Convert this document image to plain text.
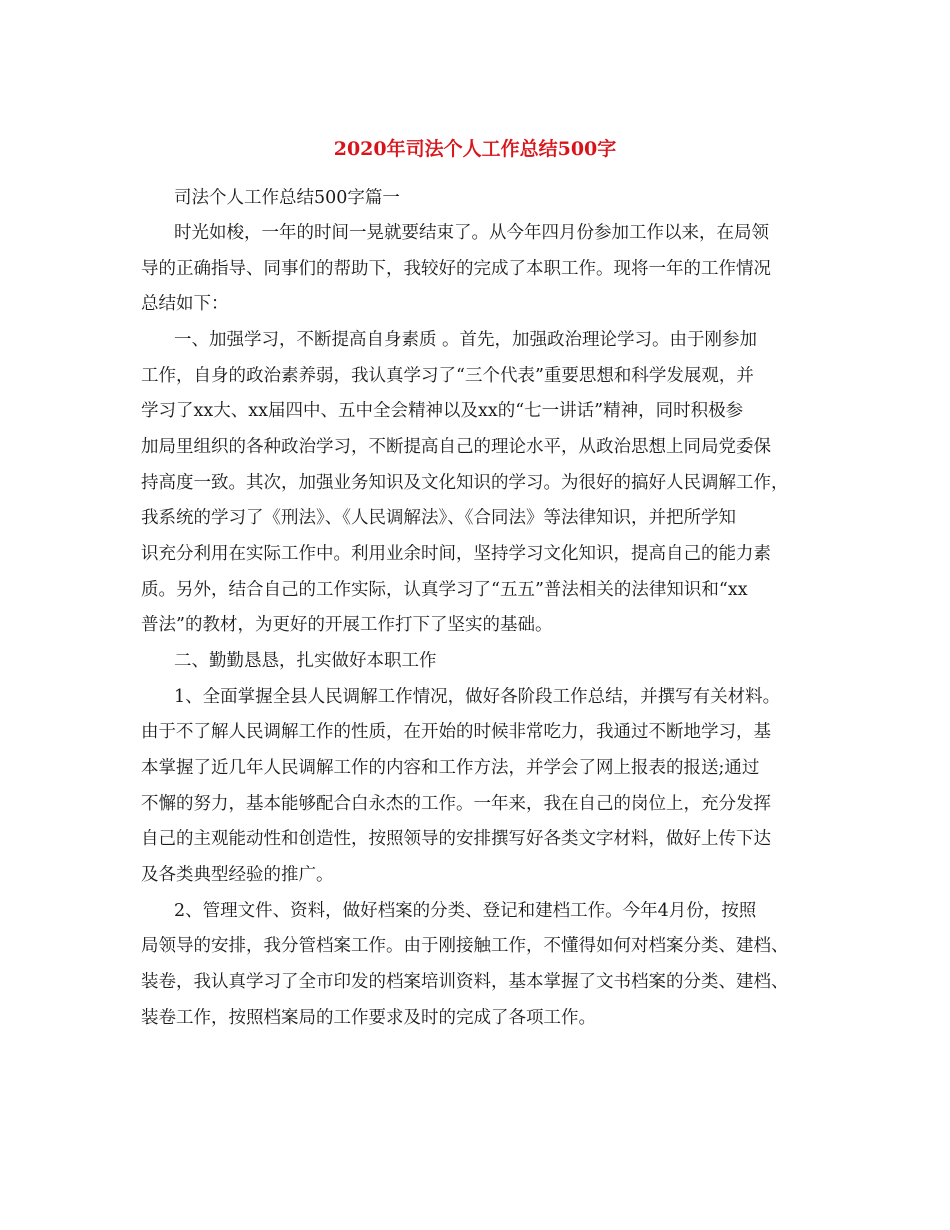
2020年司法个人工作总结500字
司法个人工作总结500字篇一
时光如梭，一年的时间一晃就要结束了。从今年四月份参加工作以来，在局领
导的正确指导、同事们的帮助下，我较好的完成了本职工作。现将一年的工作情况
总结如下：
一、加强学习，不断提高自身素质 。首先，加强政治理论学习。由于刚参加
工作，自身的政治素养弱，我认真学习了“三个代表”重要思想和科学发展观，并
学习了xx大、xx届四中、五中全会精神以及xx的“七一讲话”精神，同时积极参
加局里组织的各种政治学习，不断提高自己的理论水平，从政治思想上同局党委保
持高度一致。其次，加强业务知识及文化知识的学习。为很好的搞好人民调解工作，
我系统的学习了《刑法》、《人民调解法》、《合同法》等法律知识，并把所学知
识充分利用在实际工作中。利用业余时间，坚持学习文化知识，提高自己的能力素
质。另外，结合自己的工作实际，认真学习了“五五”普法相关的法律知识和“xx
普法”的教材，为更好的开展工作打下了坚实的基础。
二、勤勤恳恳，扎实做好本职工作
1、全面掌握全县人民调解工作情况，做好各阶段工作总结，并撰写有关材料。
由于不了解人民调解工作的性质，在开始的时候非常吃力，我通过不断地学习，基
本掌握了近几年人民调解工作的内容和工作方法，并学会了网上报表的报送;通过
不懈的努力，基本能够配合白永杰的工作。一年来，我在自己的岗位上，充分发挥
自己的主观能动性和创造性，按照领导的安排撰写好各类文字材料，做好上传下达
及各类典型经验的推广。
2、管理文件、资料，做好档案的分类、登记和建档工作。今年4月份，按照
局领导的安排，我分管档案工作。由于刚接触工作，不懂得如何对档案分类、建档、
装卷，我认真学习了全市印发的档案培训资料，基本掌握了文书档案的分类、建档、
装卷工作，按照档案局的工作要求及时的完成了各项工作。
